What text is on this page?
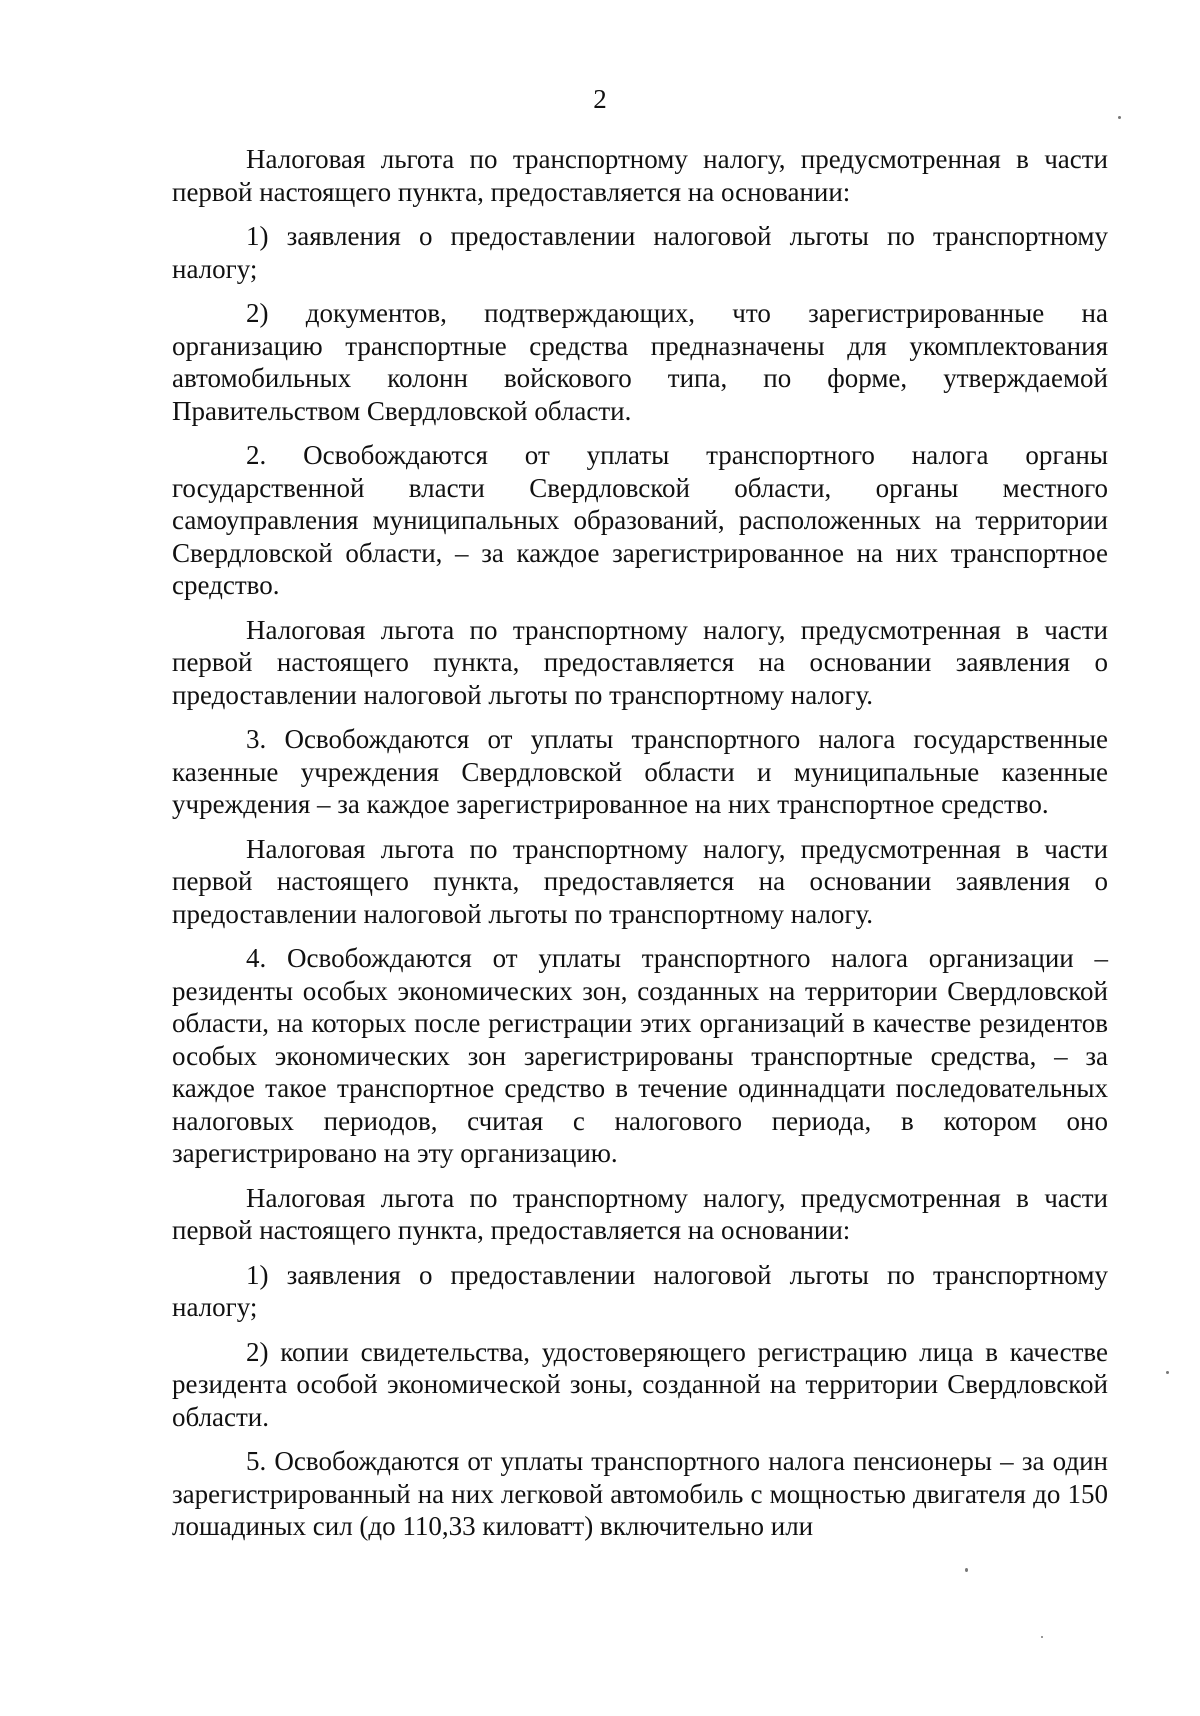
2

Налоговая льгота по транспортному налогу, предусмотренная в части первой настоящего пункта, предоставляется на основании:

1) заявления о предоставлении налоговой льготы по транспортному налогу;

2) документов, подтверждающих, что зарегистрированные на организацию транспортные средства предназначены для укомплектования автомобильных колонн войскового типа, по форме, утверждаемой Правительством Свердловской области.

2. Освобождаются от уплаты транспортного налога органы государственной власти Свердловской области, органы местного самоуправления муниципальных образований, расположенных на территории Свердловской области, – за каждое зарегистрированное на них транспортное средство.

Налоговая льгота по транспортному налогу, предусмотренная в части первой настоящего пункта, предоставляется на основании заявления о предоставлении налоговой льготы по транспортному налогу.

3. Освобождаются от уплаты транспортного налога государственные казенные учреждения Свердловской области и муниципальные казенные учреждения – за каждое зарегистрированное на них транспортное средство.

Налоговая льгота по транспортному налогу, предусмотренная в части первой настоящего пункта, предоставляется на основании заявления о предоставлении налоговой льготы по транспортному налогу.

4. Освобождаются от уплаты транспортного налога организации – резиденты особых экономических зон, созданных на территории Свердловской области, на которых после регистрации этих организаций в качестве резидентов особых экономических зон зарегистрированы транспортные средства, – за каждое такое транспортное средство в течение одиннадцати последовательных налоговых периодов, считая с налогового периода, в котором оно зарегистрировано на эту организацию.

Налоговая льгота по транспортному налогу, предусмотренная в части первой настоящего пункта, предоставляется на основании:

1) заявления о предоставлении налоговой льготы по транспортному налогу;

2) копии свидетельства, удостоверяющего регистрацию лица в качестве резидента особой экономической зоны, созданной на территории Свердловской области.

5. Освобождаются от уплаты транспортного налога пенсионеры – за один зарегистрированный на них легковой автомобиль с мощностью двигателя до 150 лошадиных сил (до 110,33 киловатт) включительно или
